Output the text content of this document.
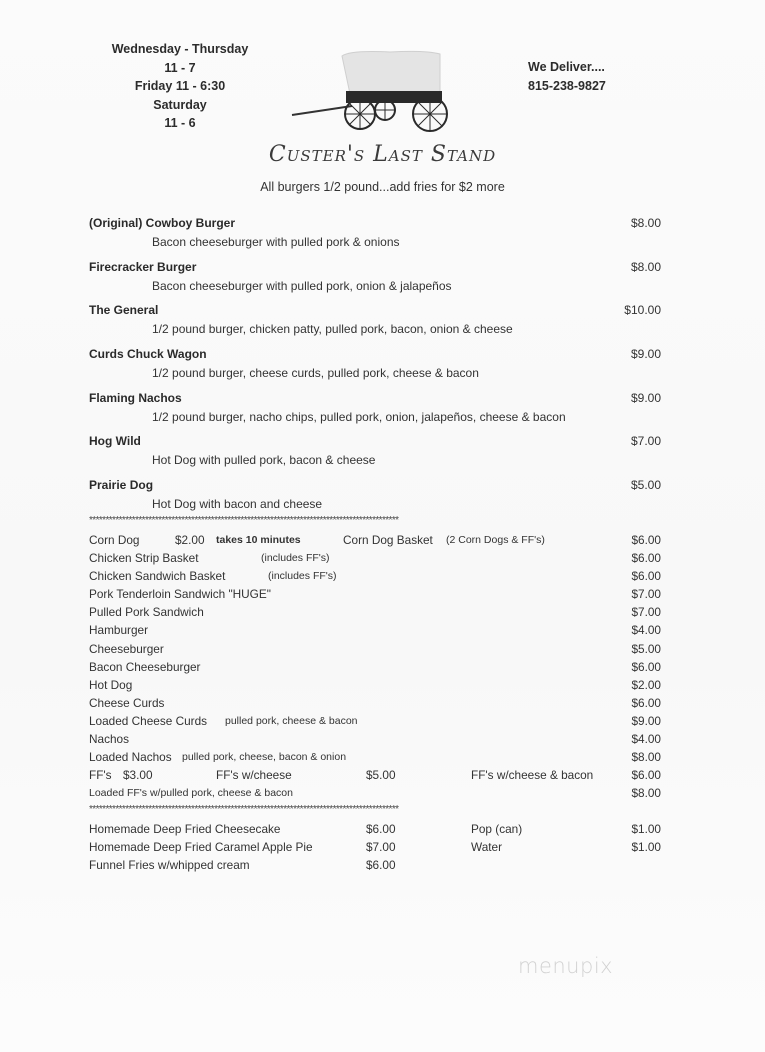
Wednesday - Thursday
11 - 7
Friday 11 - 6:30
Saturday
11 - 6
We Deliver....
815-238-9827
Custer's Last Stand
All burgers 1/2 pound...add fries for $2 more
(Original) Cowboy Burger	$8.00
Bacon cheeseburger with pulled pork & onions
Firecracker Burger	$8.00
Bacon cheeseburger with pulled pork, onion & jalapeños
The General	$10.00
1/2 pound burger, chicken patty, pulled pork, bacon, onion & cheese
Curds Chuck Wagon	$9.00
1/2 pound burger, cheese curds, pulled pork, cheese & bacon
Flaming Nachos	$9.00
1/2 pound burger, nacho chips, pulled pork, onion, jalapeños, cheese & bacon
Hog Wild	$7.00
Hot Dog with pulled pork, bacon & cheese
Prairie Dog	$5.00
Hot Dog with bacon and cheese
**********************************************************************************************
Corn Dog	$2.00 takes 10 minutes	Corn Dog Basket (2 Corn Dogs & FF's)	$6.00
Chicken Strip Basket	(includes FF's)	$6.00
Chicken Sandwich Basket	(includes FF's)	$6.00
Pork Tenderloin Sandwich "HUGE"	$7.00
Pulled Pork Sandwich	$7.00
Hamburger	$4.00
Cheeseburger	$5.00
Bacon Cheeseburger	$6.00
Hot Dog	$2.00
Cheese Curds	$6.00
Loaded Cheese Curds pulled pork, cheese & bacon	$9.00
Nachos	$4.00
Loaded Nachos pulled pork, cheese, bacon & onion	$8.00
FF's $3.00	FF's w/cheese	$5.00	FF's w/cheese & bacon	$6.00
Loaded FF's w/pulled pork, cheese & bacon	$8.00
**********************************************************************************************
Homemade Deep Fried Cheesecake	$6.00	Pop (can)	$1.00
Homemade Deep Fried Caramel Apple Pie	$7.00	Water	$1.00
Funnel Fries w/whipped cream	$6.00
menupix
